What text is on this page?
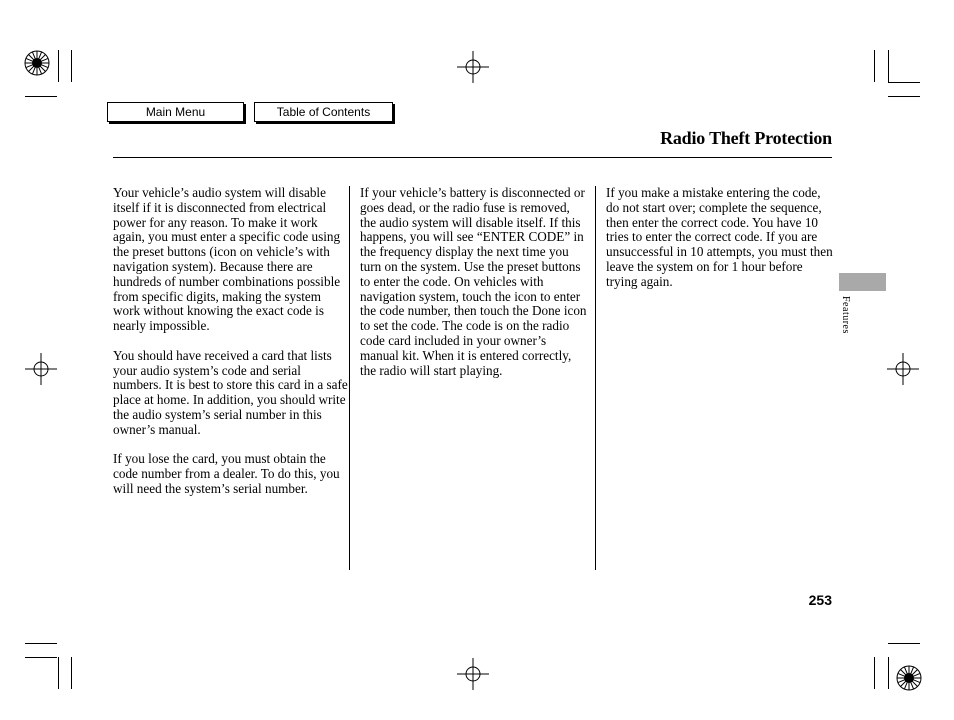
Main Menu	Table of Contents
Radio Theft Protection

Your vehicle’s audio system will disable itself if it is disconnected from electrical power for any reason. To make it work again, you must enter a specific code using the preset buttons (icon on vehicle’s with navigation system). Because there are hundreds of number combinations possible from specific digits, making the system work without knowing the exact code is nearly impossible.

You should have received a card that lists your audio system’s code and serial numbers. It is best to store this card in a safe place at home. In addition, you should write the audio system’s serial number in this owner’s manual.

If you lose the card, you must obtain the code number from a dealer. To do this, you will need the system’s serial number.

If your vehicle’s battery is disconnected or goes dead, or the radio fuse is removed, the audio system will disable itself. If this happens, you will see “ENTER CODE” in the frequency display the next time you turn on the system. Use the preset buttons to enter the code. On vehicles with navigation system, touch the icon to enter the code number, then touch the Done icon to set the code. The code is on the radio code card included in your owner’s manual kit. When it is entered correctly, the radio will start playing.

If you make a mistake entering the code, do not start over; complete the sequence, then enter the correct code. You have 10 tries to enter the correct code. If you are unsuccessful in 10 attempts, you must then leave the system on for 1 hour before trying again.

Features
253
